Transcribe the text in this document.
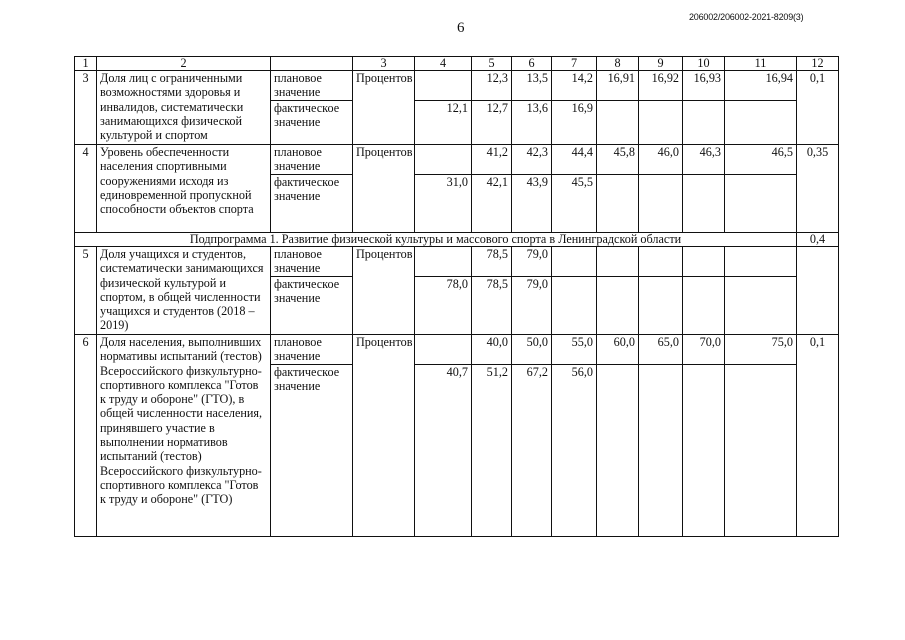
6
206002/206002-2021-8209(3)
1	2		3	4	5	6	7	8	9	10	11	12
3	Доля лиц с ограниченными возможностями здоровья и инвалидов, систематически занимающихся физической культурой и спортом	плановое значение	Процентов		12,3	13,5	14,2	16,91	16,92	16,93	16,94	0,1
		фактическое значение		12,1	12,7	13,6	16,9					
4	Уровень обеспеченности населения спортивными сооружениями исходя из единовременной пропускной способности объектов спорта	плановое значение	Процентов		41,2	42,3	44,4	45,8	46,0	46,3	46,5	0,35
		фактическое значение		31,0	42,1	43,9	45,5					
Подпрограмма 1. Развитие физической культуры и массового спорта в Ленинградской области												0,4
5	Доля учащихся и студентов, систематически занимающихся физической культурой и спортом, в общей численности учащихся и студентов (2018 – 2019)	плановое значение	Процентов		78,5	79,0						
		фактическое значение		78,0	78,5	79,0						
6	Доля населения, выполнивших нормативы испытаний (тестов) Всероссийского физкультурно-спортивного комплекса "Готов к труду и обороне" (ГТО), в общей численности населения, принявшего участие в выполнении нормативов испытаний (тестов) Всероссийского физкультурно-спортивного комплекса "Готов к труду и обороне" (ГТО)	плановое значение	Процентов		40,0	50,0	55,0	60,0	65,0	70,0	75,0	0,1
		фактическое значение		40,7	51,2	67,2	56,0					
